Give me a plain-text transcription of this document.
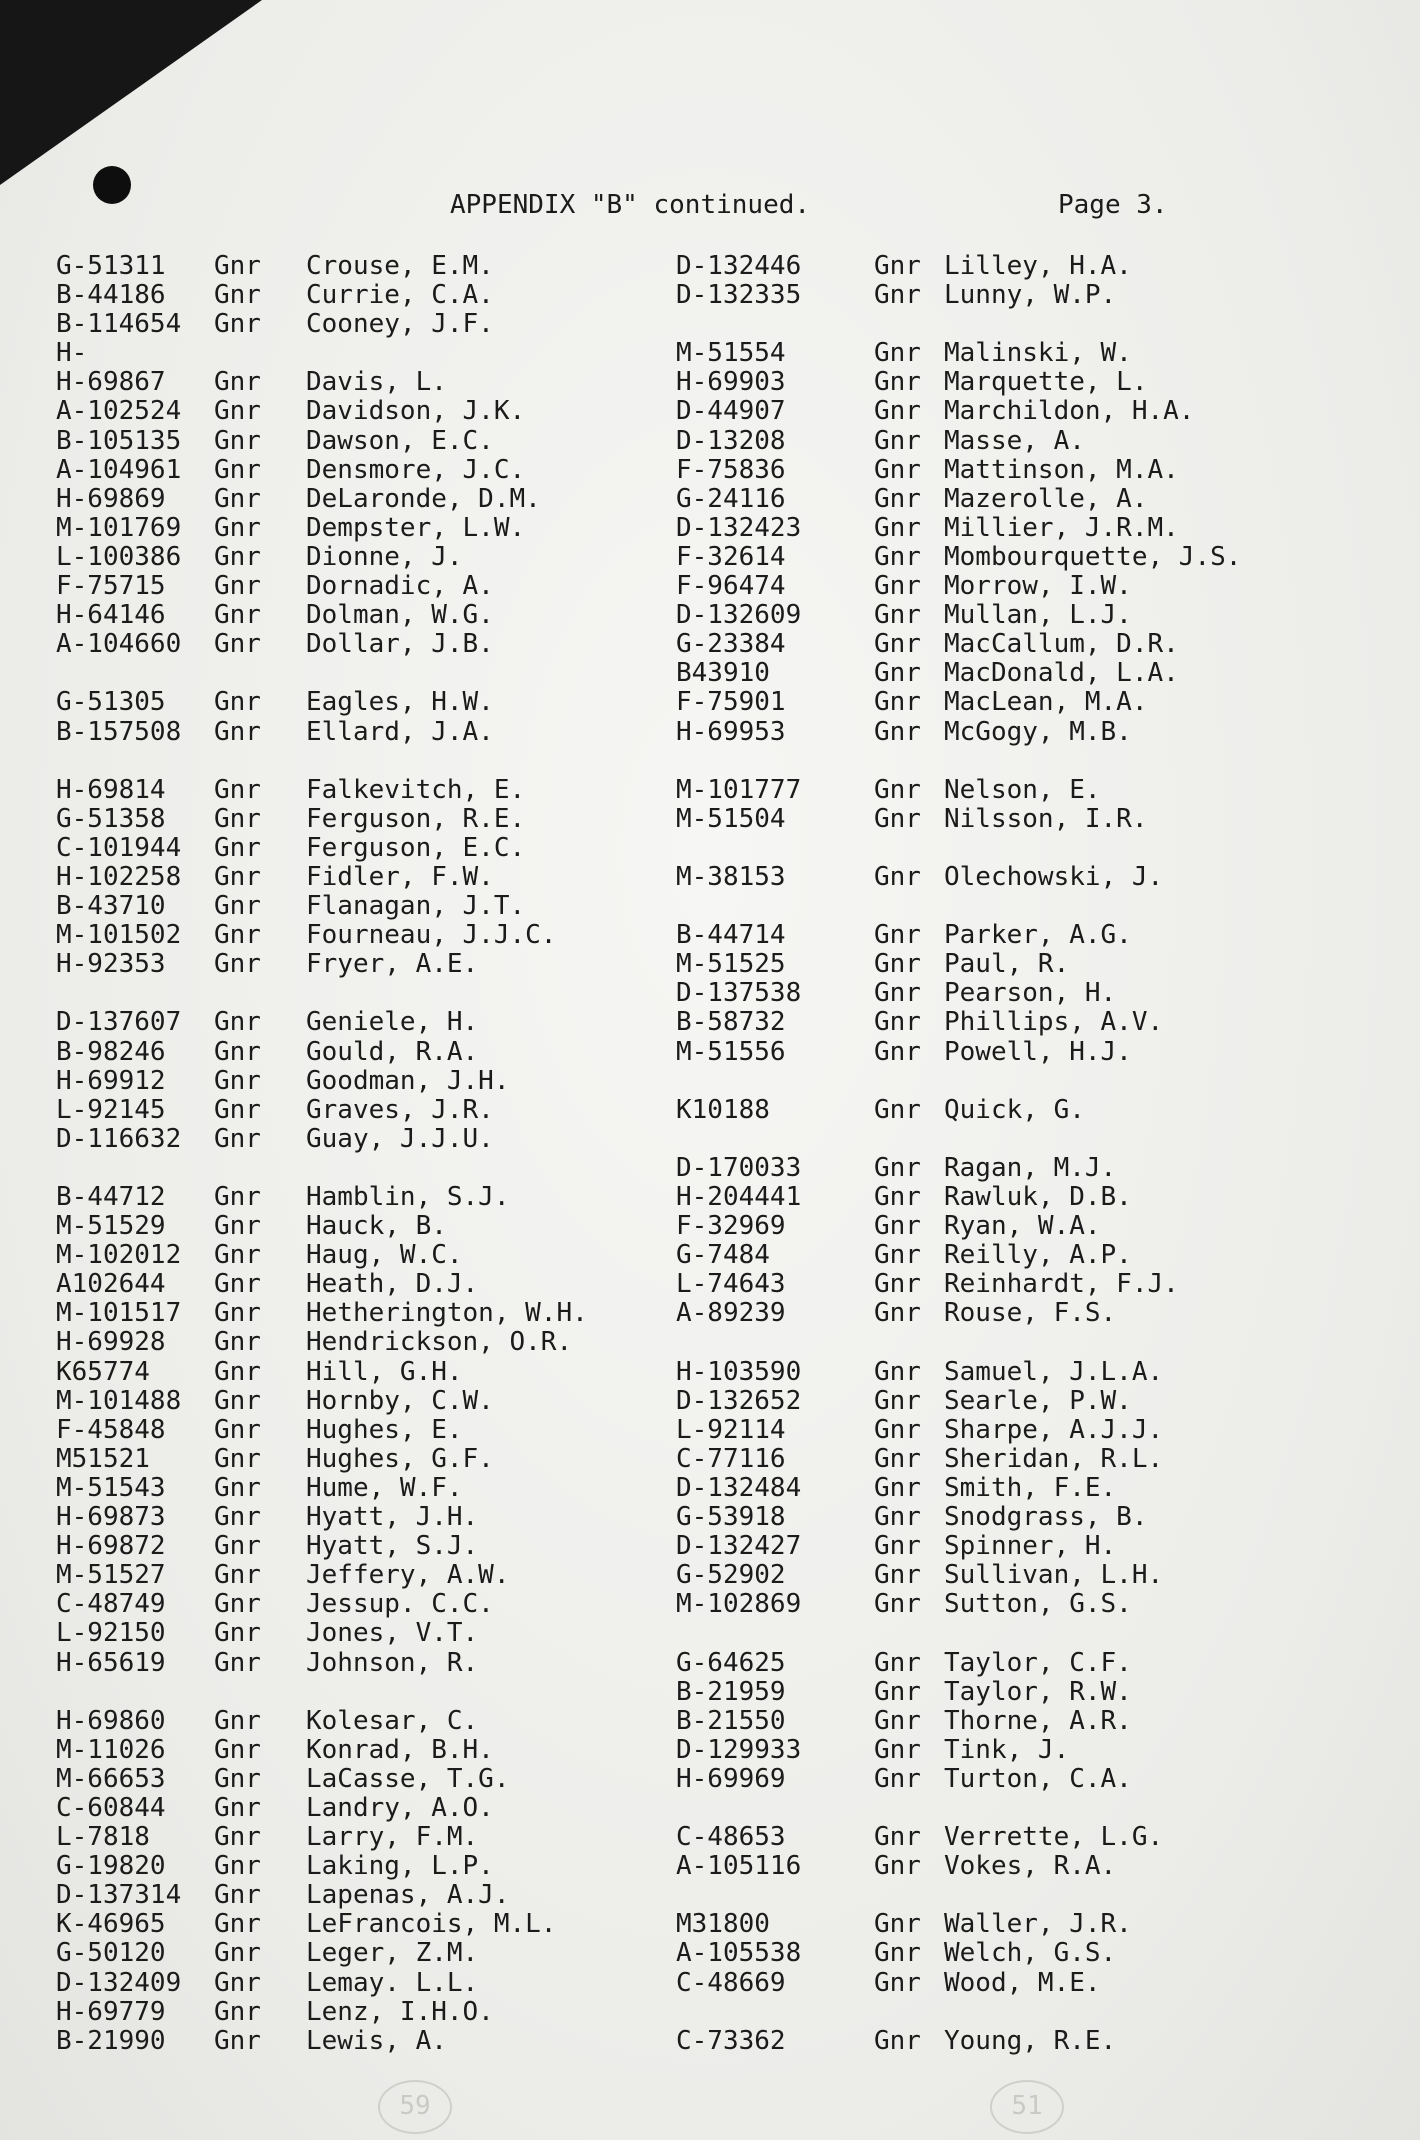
APPENDIX "B" continued.	Page 3.
G-51311 Gnr Crouse, E.M.
B-44186 Gnr Currie, C.A.
B-114654 Gnr Cooney, J.F.
H-
H-69867 Gnr Davis, L.
A-102524 Gnr Davidson, J.K.
B-105135 Gnr Dawson, E.C.
A-104961 Gnr Densmore, J.C.
H-69869 Gnr DeLaronde, D.M.
M-101769 Gnr Dempster, L.W.
L-100386 Gnr Dionne, J.
F-75715 Gnr Dornadic, A.
H-64146 Gnr Dolman, W.G.
A-104660 Gnr Dollar, J.B.
G-51305 Gnr Eagles, H.W.
B-157508 Gnr Ellard, J.A.
H-69814 Gnr Falkevitch, E.
G-51358 Gnr Ferguson, R.E.
C-101944 Gnr Ferguson, E.C.
H-102258 Gnr Fidler, F.W.
B-43710 Gnr Flanagan, J.T.
M-101502 Gnr Fourneau, J.J.C.
H-92353 Gnr Fryer, A.E.
D-137607 Gnr Geniele, H.
B-98246 Gnr Gould, R.A.
H-69912 Gnr Goodman, J.H.
L-92145 Gnr Graves, J.R.
D-116632 Gnr Guay, J.J.U.
B-44712 Gnr Hamblin, S.J.
M-51529 Gnr Hauck, B.
M-102012 Gnr Haug, W.C.
A102644 Gnr Heath, D.J.
M-101517 Gnr Hetherington, W.H.
H-69928 Gnr Hendrickson, O.R.
K65774 Gnr Hill, G.H.
M-101488 Gnr Hornby, C.W.
F-45848 Gnr Hughes, E.
M51521 Gnr Hughes, G.F.
M-51543 Gnr Hume, W.F.
H-69873 Gnr Hyatt, J.H.
H-69872 Gnr Hyatt, S.J.
M-51527 Gnr Jeffery, A.W.
C-48749 Gnr Jessup. C.C.
L-92150 Gnr Jones, V.T.
H-65619 Gnr Johnson, R.
H-69860 Gnr Kolesar, C.
M-11026 Gnr Konrad, B.H.
M-66653 Gnr LaCasse, T.G.
C-60844 Gnr Landry, A.O.
L-7818 Gnr Larry, F.M.
G-19820 Gnr Laking, L.P.
D-137314 Gnr Lapenas, A.J.
K-46965 Gnr LeFrancois, M.L.
G-50120 Gnr Leger, Z.M.
D-132409 Gnr Lemay. L.L.
H-69779 Gnr Lenz, I.H.O.
B-21990 Gnr Lewis, A.
D-132446	Gnr Lilley, H.A.
D-132335	Gnr Lunny, W.P.
M-51554	Gnr Malinski, W.
H-69903	Gnr Marquette, L.
D-44907	Gnr Marchildon, H.A.
D-13208	Gnr Masse, A.
F-75836	Gnr Mattinson, M.A.
G-24116	Gnr Mazerolle, A.
D-132423	Gnr Millier, J.R.M.
F-32614	Gnr Mombourquette, J.S.
F-96474	Gnr Morrow, I.W.
D-132609	Gnr Mullan, L.J.
G-23384	Gnr MacCallum, D.R.
B43910	Gnr MacDonald, L.A.
F-75901	Gnr MacLean, M.A.
H-69953	Gnr McGogy, M.B.
M-101777	Gnr Nelson, E.
M-51504	Gnr Nilsson, I.R.
M-38153	Gnr Olechowski, J.
B-44714	Gnr Parker, A.G.
M-51525	Gnr Paul, R.
D-137538	Gnr Pearson, H.
B-58732	Gnr Phillips, A.V.
M-51556	Gnr Powell, H.J.
K10188	Gnr Quick, G.
D-170033	Gnr Ragan, M.J.
H-204441	Gnr Rawluk, D.B.
F-32969	Gnr Ryan, W.A.
G-7484	Gnr Reilly, A.P.
L-74643	Gnr Reinhardt, F.J.
A-89239	Gnr Rouse, F.S.
H-103590	Gnr Samuel, J.L.A.
D-132652	Gnr Searle, P.W.
L-92114	Gnr Sharpe, A.J.J.
C-77116	Gnr Sheridan, R.L.
D-132484	Gnr Smith, F.E.
G-53918	Gnr Snodgrass, B.
D-132427	Gnr Spinner, H.
G-52902	Gnr Sullivan, L.H.
M-102869	Gnr Sutton, G.S.
G-64625	Gnr Taylor, C.F.
B-21959	Gnr Taylor, R.W.
B-21550	Gnr Thorne, A.R.
D-129933	Gnr Tink, J.
H-69969	Gnr Turton, C.A.
C-48653	Gnr Verrette, L.G.
A-105116	Gnr Vokes, R.A.
M31800	Gnr Waller, J.R.
A-105538	Gnr Welch, G.S.
C-48669	Gnr Wood, M.E.
C-73362	Gnr Young, R.E.
59	51
